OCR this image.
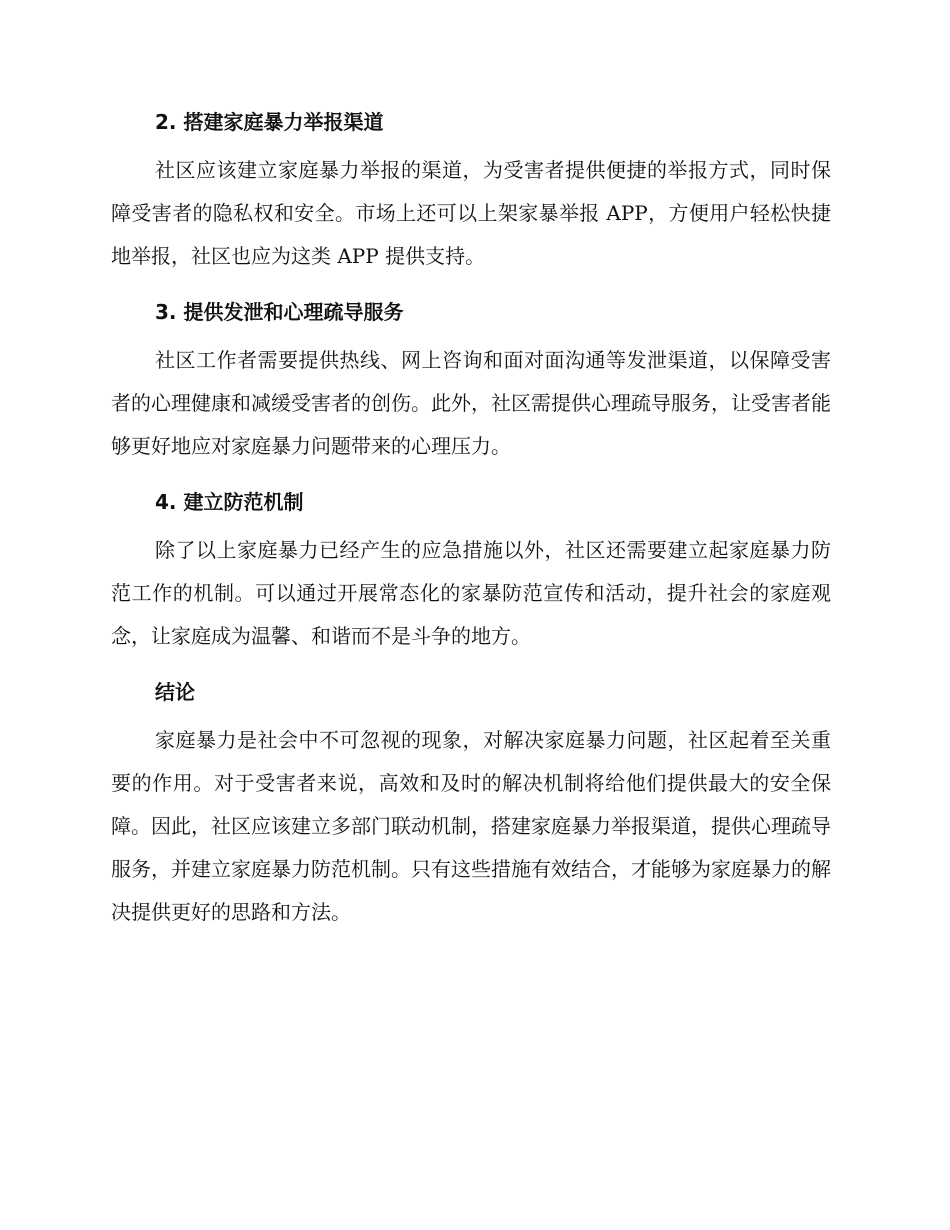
2. 搭建家庭暴力举报渠道

社区应该建立家庭暴力举报的渠道，为受害者提供便捷的举报方式，同时保障受害者的隐私权和安全。市场上还可以上架家暴举报 APP，方便用户轻松快捷地举报，社区也应为这类 APP 提供支持。

3. 提供发泄和心理疏导服务

社区工作者需要提供热线、网上咨询和面对面沟通等发泄渠道，以保障受害者的心理健康和减缓受害者的创伤。此外，社区需提供心理疏导服务，让受害者能够更好地应对家庭暴力问题带来的心理压力。

4. 建立防范机制

除了以上家庭暴力已经产生的应急措施以外，社区还需要建立起家庭暴力防范工作的机制。可以通过开展常态化的家暴防范宣传和活动，提升社会的家庭观念，让家庭成为温馨、和谐而不是斗争的地方。

结论

家庭暴力是社会中不可忽视的现象，对解决家庭暴力问题，社区起着至关重要的作用。对于受害者来说，高效和及时的解决机制将给他们提供最大的安全保障。因此，社区应该建立多部门联动机制，搭建家庭暴力举报渠道，提供心理疏导服务，并建立家庭暴力防范机制。只有这些措施有效结合，才能够为家庭暴力的解决提供更好的思路和方法。
